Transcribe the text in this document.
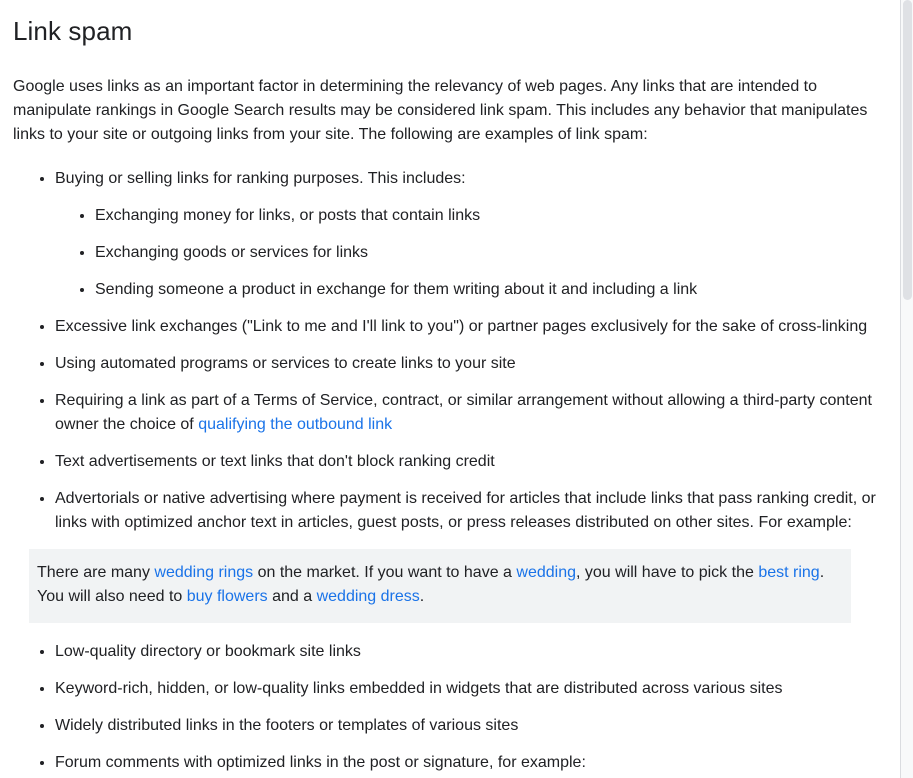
Link spam

Google uses links as an important factor in determining the relevancy of web pages. Any links that are intended to manipulate rankings in Google Search results may be considered link spam. This includes any behavior that manipulates links to your site or outgoing links from your site. The following are examples of link spam:

• Buying or selling links for ranking purposes. This includes:
• Exchanging money for links, or posts that contain links
• Exchanging goods or services for links
• Sending someone a product in exchange for them writing about it and including a link
• Excessive link exchanges ("Link to me and I'll link to you") or partner pages exclusively for the sake of cross-linking
• Using automated programs or services to create links to your site
• Requiring a link as part of a Terms of Service, contract, or similar arrangement without allowing a third-party content owner the choice of qualifying the outbound link
• Text advertisements or text links that don't block ranking credit
• Advertorials or native advertising where payment is received for articles that include links that pass ranking credit, or links with optimized anchor text in articles, guest posts, or press releases distributed on other sites. For example:
There are many wedding rings on the market. If you want to have a wedding, you will have to pick the best ring. You will also need to buy flowers and a wedding dress.
• Low-quality directory or bookmark site links
• Keyword-rich, hidden, or low-quality links embedded in widgets that are distributed across various sites
• Widely distributed links in the footers or templates of various sites
• Forum comments with optimized links in the post or signature, for example:
